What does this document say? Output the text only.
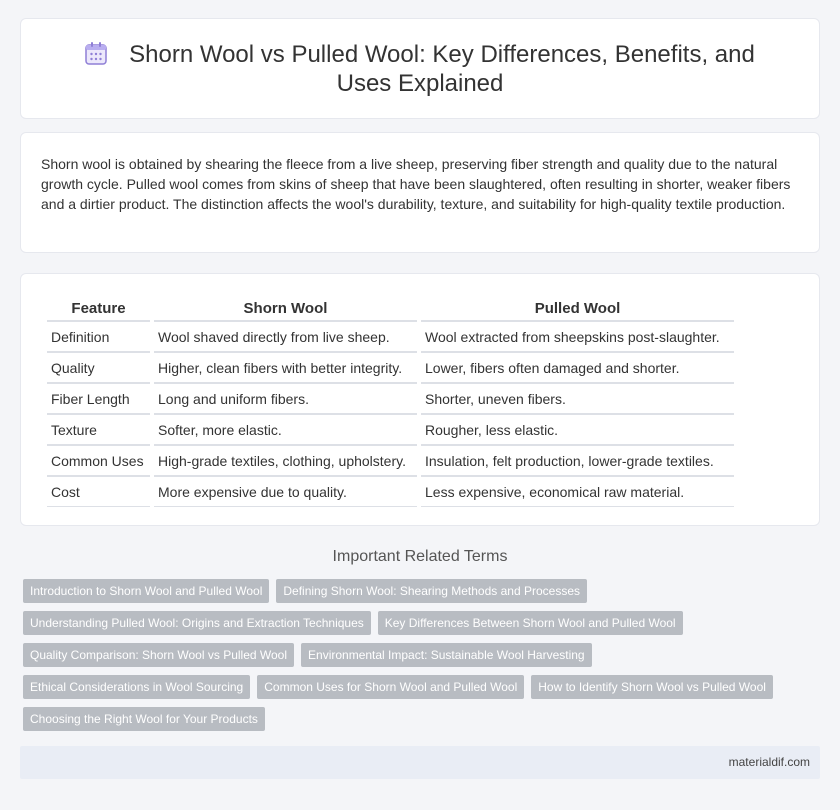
Shorn Wool vs Pulled Wool: Key Differences, Benefits, and Uses Explained

Shorn wool is obtained by shearing the fleece from a live sheep, preserving fiber strength and quality due to the natural growth cycle. Pulled wool comes from skins of sheep that have been slaughtered, often resulting in shorter, weaker fibers and a dirtier product. The distinction affects the wool's durability, texture, and suitability for high-quality textile production.

Feature	Shorn Wool	Pulled Wool
Definition	Wool shaved directly from live sheep.	Wool extracted from sheepskins post-slaughter.
Quality	Higher, clean fibers with better integrity.	Lower, fibers often damaged and shorter.
Fiber Length	Long and uniform fibers.	Shorter, uneven fibers.
Texture	Softer, more elastic.	Rougher, less elastic.
Common Uses	High-grade textiles, clothing, upholstery.	Insulation, felt production, lower-grade textiles.
Cost	More expensive due to quality.	Less expensive, economical raw material.
Important Related Terms
Introduction to Shorn Wool and Pulled Wool	Defining Shorn Wool: Shearing Methods and Processes
Understanding Pulled Wool: Origins and Extraction Techniques	Key Differences Between Shorn Wool and Pulled Wool
Quality Comparison: Shorn Wool vs Pulled Wool	Environmental Impact: Sustainable Wool Harvesting
Ethical Considerations in Wool Sourcing	Common Uses for Shorn Wool and Pulled Wool	How to Identify Shorn Wool vs Pulled Wool
Choosing the Right Wool for Your Products
materialdif.com
